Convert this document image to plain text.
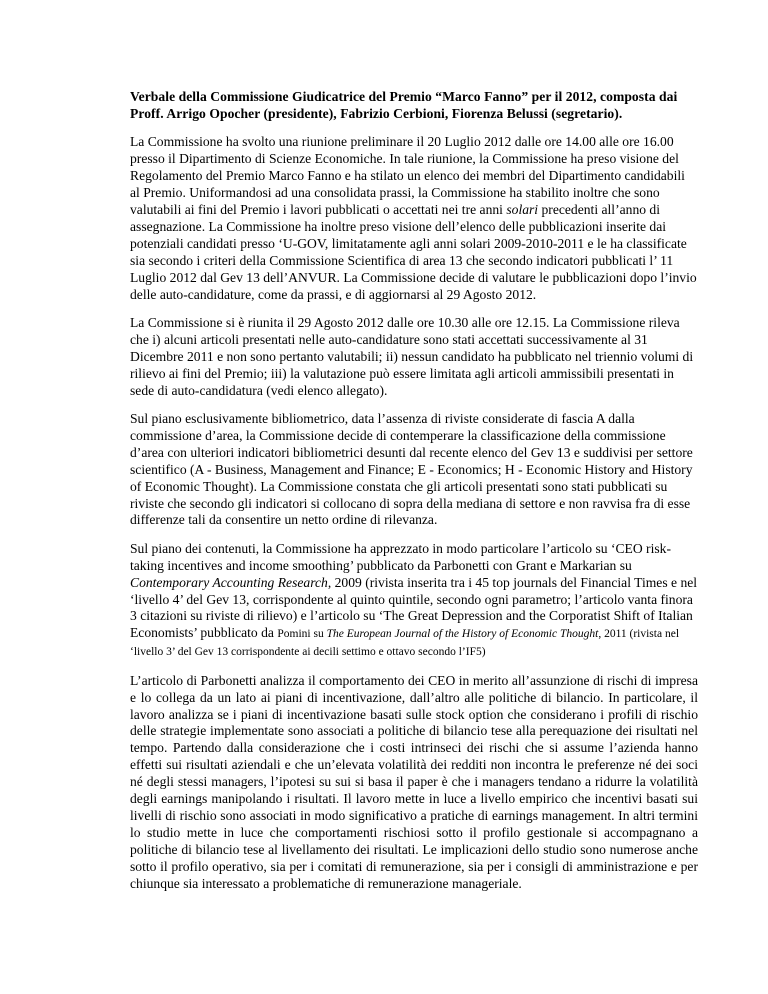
Verbale della Commissione Giudicatrice del Premio “Marco Fanno” per il 2012, composta dai Proff. Arrigo Opocher (presidente), Fabrizio Cerbioni, Fiorenza Belussi (segretario).

La Commissione ha svolto una riunione preliminare il 20 Luglio 2012 dalle ore 14.00 alle ore 16.00 presso il Dipartimento di Scienze Economiche. In tale riunione, la Commissione ha preso visione del Regolamento del Premio Marco Fanno e ha stilato un elenco dei membri del Dipartimento candidabili al Premio. Uniformandosi ad una consolidata prassi, la Commissione ha stabilito inoltre che sono valutabili ai fini del Premio i lavori pubblicati o accettati nei tre anni solari precedenti all’anno di assegnazione. La Commissione ha inoltre preso visione dell’elenco delle pubblicazioni inserite dai potenziali candidati presso ‘U-GOV, limitatamente agli anni solari 2009-2010-2011 e le ha classificate sia secondo i criteri della Commissione Scientifica di area 13 che secondo indicatori pubblicati l’ 11 Luglio 2012 dal Gev 13 dell’ANVUR. La Commissione decide di valutare le pubblicazioni dopo l’invio delle auto-candidature, come da prassi, e di aggiornarsi al 29 Agosto 2012.

La Commissione si è riunita il 29 Agosto 2012 dalle ore 10.30 alle ore 12.15. La Commissione rileva che i) alcuni articoli presentati nelle auto-candidature sono stati accettati successivamente al 31 Dicembre 2011 e non sono pertanto valutabili; ii) nessun candidato ha pubblicato nel triennio volumi di rilievo ai fini del Premio; iii) la valutazione può essere limitata agli articoli ammissibili presentati in sede di auto-candidatura (vedi elenco allegato).

Sul piano esclusivamente bibliometrico, data l’assenza di riviste considerate di fascia A dalla commissione d’area, la Commissione decide di contemperare la classificazione della commissione d’area con ulteriori indicatori bibliometrici desunti dal recente elenco del Gev 13 e suddivisi per settore scientifico (A - Business, Management and Finance; E - Economics; H - Economic History and History of Economic Thought). La Commissione constata che gli articoli presentati sono stati pubblicati su riviste che secondo gli indicatori si collocano di sopra della mediana di settore e non ravvisa fra di esse differenze tali da consentire un netto ordine di rilevanza.

Sul piano dei contenuti, la Commissione ha apprezzato in modo particolare l’articolo su ‘CEO risk-taking incentives and income smoothing’ pubblicato da Parbonetti con Grant e Markarian su Contemporary Accounting Research, 2009 (rivista inserita tra i 45 top journals del Financial Times e nel ‘livello 4’ del Gev 13, corrispondente al quinto quintile, secondo ogni parametro; l’articolo vanta finora 3 citazioni su riviste di rilievo) e l’articolo su ‘The Great Depression and the Corporatist Shift of Italian Economists’ pubblicato da Pomini su The European Journal of the History of Economic Thought, 2011 (rivista nel ‘livello 3’ del Gev 13 corrispondente ai decili settimo e ottavo secondo l’IF5)

L’articolo di Parbonetti analizza il comportamento dei CEO in merito all’assunzione di rischi di impresa e lo collega da un lato ai piani di incentivazione, dall’altro alle politiche di bilancio. In particolare, il lavoro analizza se i piani di incentivazione basati sulle stock option che considerano i profili di rischio delle strategie implementate sono associati a politiche di bilancio tese alla perequazione dei risultati nel tempo. Partendo dalla considerazione che i costi intrinseci dei rischi che si assume l’azienda hanno effetti sui risultati aziendali e che un’elevata volatilità dei redditi non incontra le preferenze né dei soci né degli stessi managers, l’ipotesi su sui si basa il paper è che i managers tendano a ridurre la volatilità degli earnings manipolando i risultati. Il lavoro mette in luce a livello empirico che incentivi basati sui livelli di rischio sono associati in modo significativo a pratiche di earnings management. In altri termini lo studio mette in luce che comportamenti rischiosi sotto il profilo gestionale si accompagnano a politiche di bilancio tese al livellamento dei risultati. Le implicazioni dello studio sono numerose anche sotto il profilo operativo, sia per i comitati di remunerazione, sia per i consigli di amministrazione e per chiunque sia interessato a problematiche di remunerazione manageriale.
